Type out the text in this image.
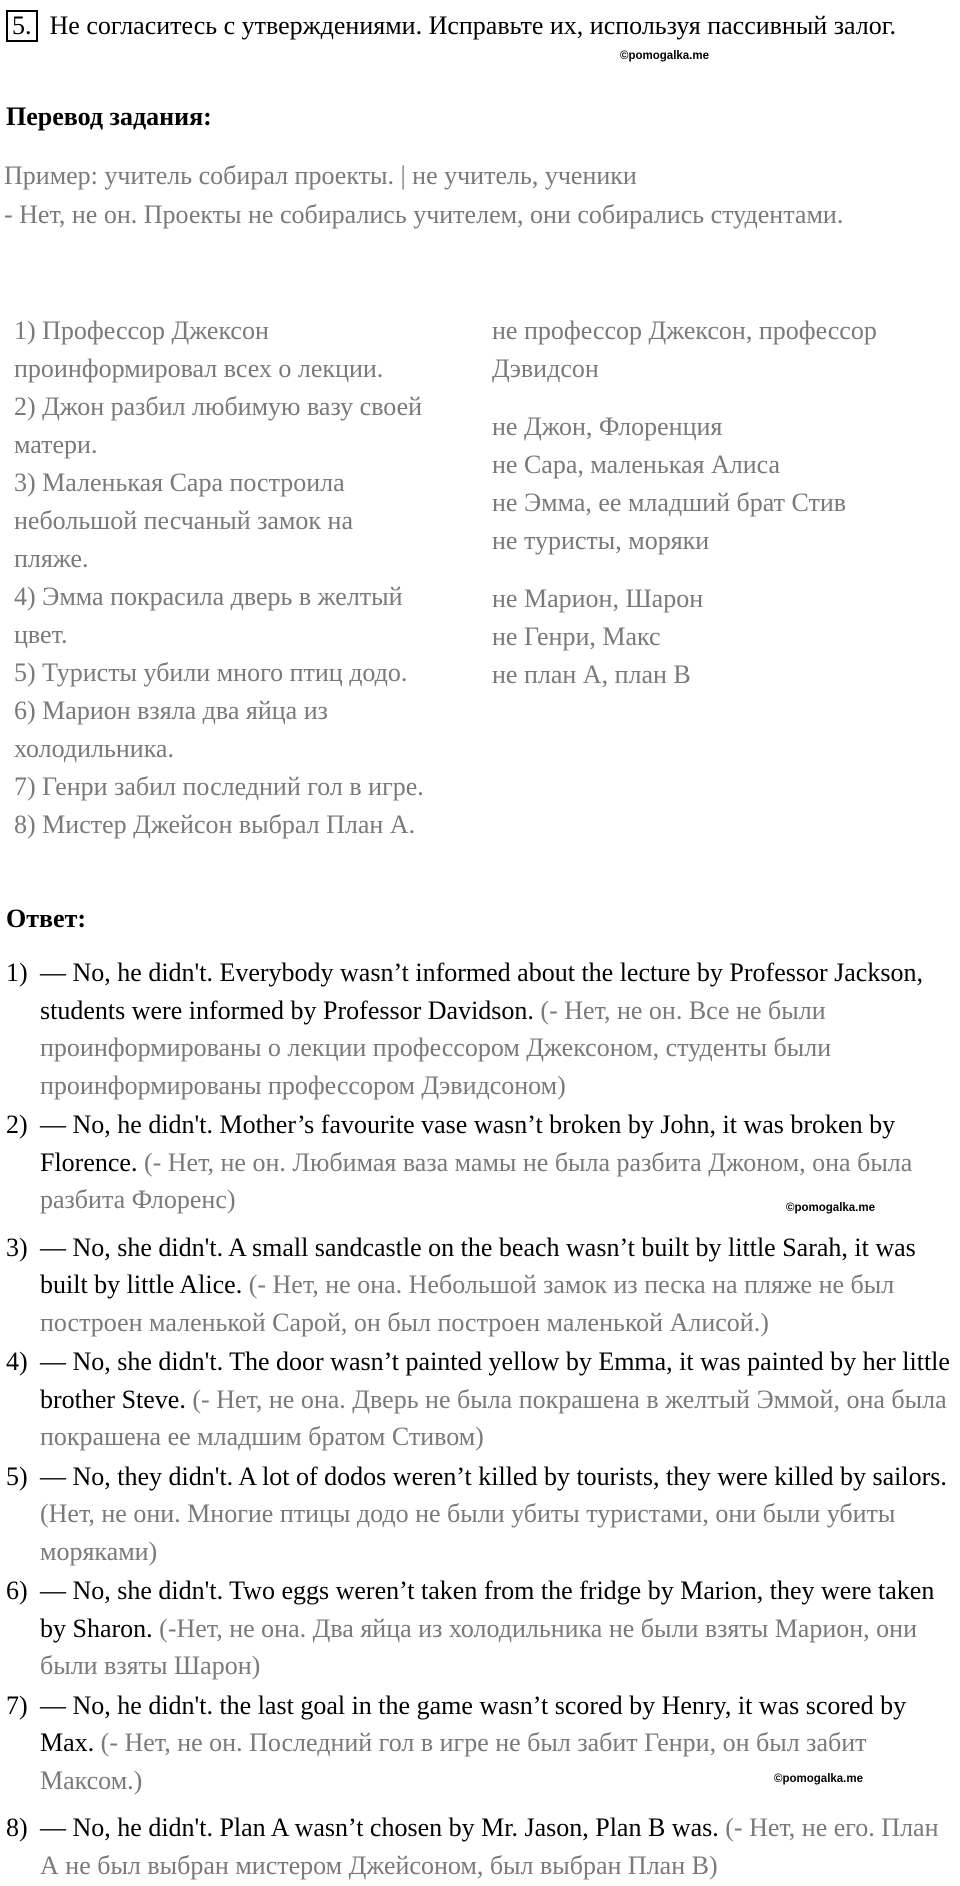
5. Не согласитесь с утверждениями. Исправьте их, используя пассивный залог.
©pomogalka.me
Перевод задания:
Пример: учитель собирал проекты. | не учитель, ученики
- Нет, не он. Проекты не собирались учителем, они собирались студентами.
1) Профессор Джексон
проинформировал всех о лекции.
2) Джон разбил любимую вазу своей
матери.
3) Маленькая Сара построила
небольшой песчаный замок на
пляже.
4) Эмма покрасила дверь в желтый
цвет.
5) Туристы убили много птиц додо.
6) Марион взяла два яйца из
холодильника.
7) Генри забил последний гол в игре.
8) Мистер Джейсон выбрал План А.
не профессор Джексон, профессор
Дэвидсон
не Джон, Флоренция
не Сара, маленькая Алиса
не Эмма, ее младший брат Стив
не туристы, моряки
не Марион, Шарон
не Генри, Макс
не план А, план В
Ответ:
1) — No, he didn't. Everybody wasn’t informed about the lecture by Professor Jackson, students were informed by Professor Davidson. (- Нет, не он. Все не были проинформированы о лекции профессором Джексоном, студенты были проинформированы профессором Дэвидсоном)
2) — No, he didn't. Mother’s favourite vase wasn’t broken by John, it was broken by Florence. (- Нет, не он. Любимая ваза мамы не была разбита Джоном, она была разбита Флоренс)
3) — No, she didn't. A small sandcastle on the beach wasn’t built by little Sarah, it was built by little Alice. (- Нет, не она. Небольшой замок из песка на пляже не был построен маленькой Сарой, он был построен маленькой Алисой.)
4) — No, she didn't. The door wasn’t painted yellow by Emma, it was painted by her little brother Steve. (- Нет, не она. Дверь не была покрашена в желтый Эммой, она была покрашена ее младшим братом Стивом)
5) — No, they didn't. A lot of dodos weren’t killed by tourists, they were killed by sailors. (Нет, не они. Многие птицы додо не были убиты туристами, они были убиты моряками)
6) — No, she didn't. Two eggs weren’t taken from the fridge by Marion, they were taken by Sharon. (-Нет, не она. Два яйца из холодильника не были взяты Марион, они были взяты Шарон)
7) — No, he didn't. the last goal in the game wasn’t scored by Henry, it was scored by Max. (- Нет, не он. Последний гол в игре не был забит Генри, он был забит Максом.)
8) — No, he didn't. Plan A wasn’t chosen by Mr. Jason, Plan B was. (- Нет, не его. План А не был выбран мистером Джейсоном, был выбран План В)
©pomogalka.me
©pomogalka.me
